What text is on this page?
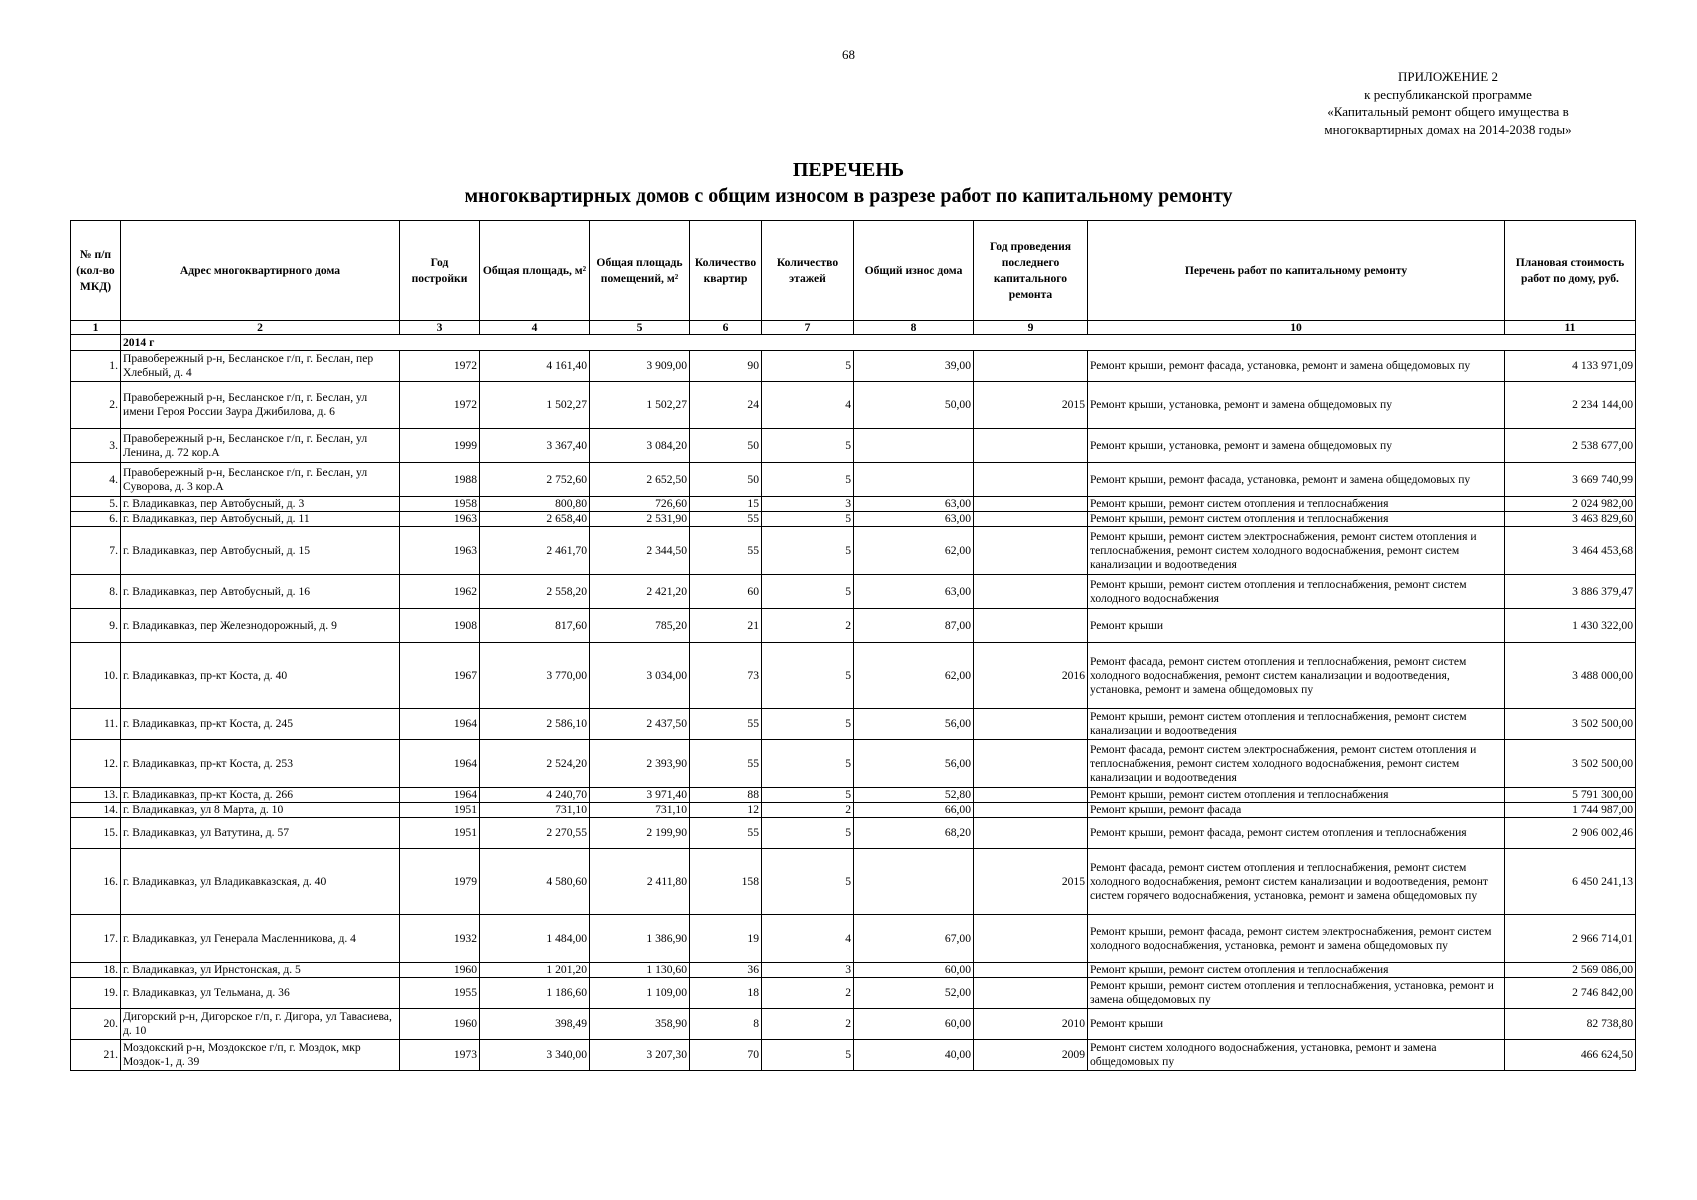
68
ПРИЛОЖЕНИЕ 2
к республиканской программе
«Капитальный ремонт общего имущества в
многоквартирных домах на 2014-2038 годы»
ПЕРЕЧЕНЬ
многоквартирных домов с общим износом в разрезе работ по капитальному ремонту
№ п/п (кол-во МКД)	Адрес многоквартирного дома	Год постройки	Общая площадь, м²	Общая площадь помещений, м²	Количество квартир	Количество этажей	Общий износ дома	Год проведения последнего капитального ремонта	Перечень работ по капитальному ремонту	Плановая стоимость работ по дому, руб.
1	2	3	4	5	6	7	8	9	10	11
	2014 г									
1.	Правобережный р-н, Бесланское г/п, г. Беслан, пер Хлебный, д. 4	1972	4 161,40	3 909,00	90	5	39,00		Ремонт крыши, ремонт фасада, установка, ремонт и замена общедомовых пу	4 133 971,09
2.	Правобережный р-н, Бесланское г/п, г. Беслан, ул имени Героя России Заура Джибилова, д. 6	1972	1 502,27	1 502,27	24	4	50,00	2015	Ремонт крыши, установка, ремонт и замена общедомовых пу	2 234 144,00
3.	Правобережный р-н, Бесланское г/п, г. Беслан, ул Ленина, д. 72 кор.А	1999	3 367,40	3 084,20	50	5			Ремонт крыши, установка, ремонт и замена общедомовых пу	2 538 677,00
4.	Правобережный р-н, Бесланское г/п, г. Беслан, ул Суворова, д. 3 кор.А	1988	2 752,60	2 652,50	50	5			Ремонт крыши, ремонт фасада, установка, ремонт и замена общедомовых пу	3 669 740,99
5.	г. Владикавказ, пер Автобусный, д. 3	1958	800,80	726,60	15	3	63,00		Ремонт крыши, ремонт систем отопления и теплоснабжения	2 024 982,00
6.	г. Владикавказ, пер Автобусный, д. 11	1963	2 658,40	2 531,90	55	5	63,00		Ремонт крыши, ремонт систем отопления и теплоснабжения	3 463 829,60
7.	г. Владикавказ, пер Автобусный, д. 15	1963	2 461,70	2 344,50	55	5	62,00		Ремонт крыши, ремонт систем электроснабжения, ремонт систем отопления и теплоснабжения, ремонт систем холодного водоснабжения, ремонт систем канализации и водоотведения	3 464 453,68
8.	г. Владикавказ, пер Автобусный, д. 16	1962	2 558,20	2 421,20	60	5	63,00		Ремонт крыши, ремонт систем отопления и теплоснабжения, ремонт систем холодного водоснабжения	3 886 379,47
9.	г. Владикавказ, пер Железнодорожный, д. 9	1908	817,60	785,20	21	2	87,00		Ремонт крыши	1 430 322,00
10.	г. Владикавказ, пр-кт Коста, д. 40	1967	3 770,00	3 034,00	73	5	62,00	2016	Ремонт фасада, ремонт систем отопления и теплоснабжения, ремонт систем холодного водоснабжения, ремонт систем канализации и водоотведения, установка, ремонт и замена общедомовых пу	3 488 000,00
11.	г. Владикавказ, пр-кт Коста, д. 245	1964	2 586,10	2 437,50	55	5	56,00		Ремонт крыши, ремонт систем отопления и теплоснабжения, ремонт систем канализации и водоотведения	3 502 500,00
12.	г. Владикавказ, пр-кт Коста, д. 253	1964	2 524,20	2 393,90	55	5	56,00		Ремонт фасада, ремонт систем электроснабжения, ремонт систем отопления и теплоснабжения, ремонт систем холодного водоснабжения, ремонт систем канализации и водоотведения	3 502 500,00
13.	г. Владикавказ, пр-кт Коста, д. 266	1964	4 240,70	3 971,40	88	5	52,80		Ремонт крыши, ремонт систем отопления и теплоснабжения	5 791 300,00
14.	г. Владикавказ, ул 8 Марта, д. 10	1951	731,10	731,10	12	2	66,00		Ремонт крыши, ремонт фасада	1 744 987,00
15.	г. Владикавказ, ул Ватутина, д. 57	1951	2 270,55	2 199,90	55	5	68,20		Ремонт крыши, ремонт фасада, ремонт систем отопления и теплоснабжения	2 906 002,46
16.	г. Владикавказ, ул Владикавказская, д. 40	1979	4 580,60	2 411,80	158	5		2015	Ремонт фасада, ремонт систем отопления и теплоснабжения, ремонт систем холодного водоснабжения, ремонт систем канализации и водоотведения, ремонт систем горячего водоснабжения, установка, ремонт и замена общедомовых пу	6 450 241,13
17.	г. Владикавказ, ул Генерала Масленникова, д. 4	1932	1 484,00	1 386,90	19	4	67,00		Ремонт крыши, ремонт фасада, ремонт систем электроснабжения, ремонт систем холодного водоснабжения, установка, ремонт и замена общедомовых пу	2 966 714,01
18.	г. Владикавказ, ул Ирнстонская, д. 5	1960	1 201,20	1 130,60	36	3	60,00		Ремонт крыши, ремонт систем отопления и теплоснабжения	2 569 086,00
19.	г. Владикавказ, ул Тельмана, д. 36	1955	1 186,60	1 109,00	18	2	52,00		Ремонт крыши, ремонт систем отопления и теплоснабжения, установка, ремонт и замена общедомовых пу	2 746 842,00
20.	Дигорский р-н, Дигорское г/п, г. Дигора, ул Тавасиева, д. 10	1960	398,49	358,90	8	2	60,00	2010	Ремонт крыши	82 738,80
21.	Моздокский р-н, Моздокское г/п, г. Моздок, мкр Моздок-1, д. 39	1973	3 340,00	3 207,30	70	5	40,00	2009	Ремонт систем холодного водоснабжения, установка, ремонт и замена общедомовых пу	466 624,50
